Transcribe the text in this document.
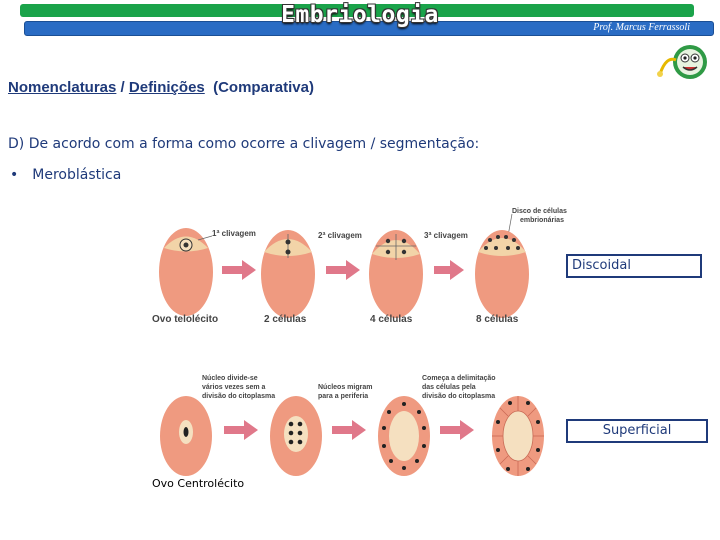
Embriologia	Prof. Marcus Ferrassoli
Nomenclaturas / Definições (Comparativa)
D) De acordo com a forma como ocorre a clivagem / segmentação:
• Meroblástica
1ª clivagem	2ª clivagem	3ª clivagem
Disco de células
embrionárias
Ovo telolécito	2 células	4 células	8 células
Núcleo divide-se
vários vezes sem a
divisão do citoplasma
Núcleos migram
para a periferia
Começa a delimitação
das células pela
divisão do citoplasma
Discoidal
Superficial
Ovo Centrolécito
